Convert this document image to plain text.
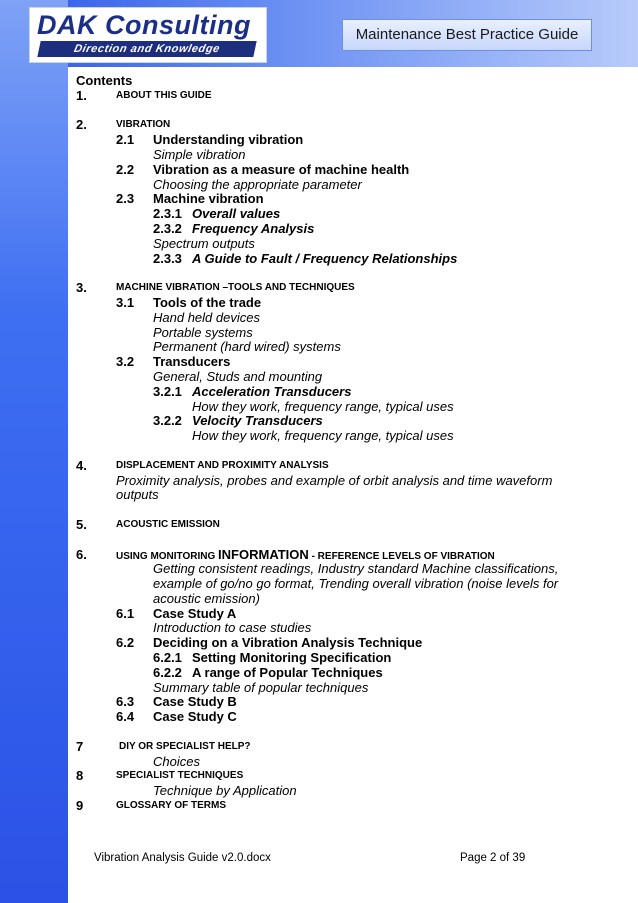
DAK Consulting
Direction and Knowledge
Maintenance Best Practice Guide
Contents
1.	ABOUT THIS GUIDE
2.	VIBRATION
2.1 Understanding vibration
Simple vibration
2.2 Vibration as a measure of machine health
Choosing the appropriate parameter
2.3 Machine vibration
2.3.1 Overall values
2.3.2 Frequency Analysis
Spectrum outputs
2.3.3 A Guide to Fault / Frequency Relationships
3.	MACHINE VIBRATION –TOOLS AND TECHNIQUES
3.1 Tools of the trade
Hand held devices
Portable systems
Permanent (hard wired) systems
3.2 Transducers
General, Studs and mounting
3.2.1 Acceleration Transducers
How they work, frequency range, typical uses
3.2.2 Velocity Transducers
How they work, frequency range, typical uses
4.	DISPLACEMENT AND PROXIMITY ANALYSIS
Proximity analysis, probes and example of orbit analysis and time waveform outputs
5.	ACOUSTIC EMISSION
6.	USING MONITORING INFORMATION - REFERENCE LEVELS OF VIBRATION
Getting consistent readings, Industry standard Machine classifications, example of go/no go format, Trending overall vibration (noise levels for acoustic emission)
6.1 Case Study A
Introduction to case studies
6.2 Deciding on a Vibration Analysis Technique
6.2.1 Setting Monitoring Specification
6.2.2 A range of Popular Techniques
Summary table of popular techniques
6.3 Case Study B
6.4 Case Study C
7	DIY OR SPECIALIST HELP?
Choices
8	SPECIALIST TECHNIQUES
Technique by Application
9	GLOSSARY OF TERMS
Vibration Analysis Guide v2.0.docx	Page 2 of 39
